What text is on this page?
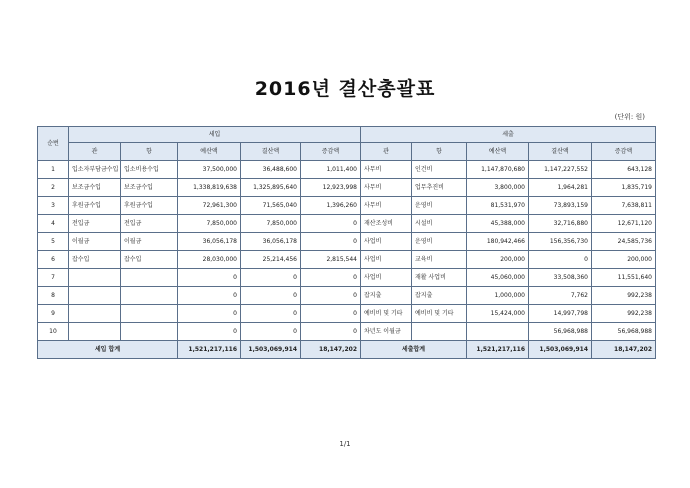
2016년 결산총괄표
(단위: 원)
순번	세입					세출				
	관	항	예산액	결산액	증감액	관	항	예산액	결산액	증감액
1	입소자부담금수입	입소비용수입	37,500,000	36,488,600	1,011,400	사무비	인건비	1,147,870,680	1,147,227,552	643,128
2	보조금수입	보조금수입	1,338,819,638	1,325,895,640	12,923,998	사무비	업무추진비	3,800,000	1,964,281	1,835,719
3	후원금수입	후원금수입	72,961,300	71,565,040	1,396,260	사무비	운영비	81,531,970	73,893,159	7,638,811
4	전입금	전입금	7,850,000	7,850,000	0	재산조성비	시설비	45,388,000	32,716,880	12,671,120
5	이월금	이월금	36,056,178	36,056,178	0	사업비	운영비	180,942,466	156,356,730	24,585,736
6	잡수입	잡수입	28,030,000	25,214,456	2,815,544	사업비	교육비	200,000	0	200,000
7			0	0	0	사업비	재활 사업비	45,060,000	33,508,360	11,551,640
8			0	0	0	잡지출	잡지출	1,000,000	7,762	992,238
9			0	0	0	예비비 및 기타	예비비 및 기타	15,424,000	14,997,798	992,238
10			0	0	0	차년도 이월금			56,968,988	56,968,988
세입 합계			1,521,217,116	1,503,069,914	18,147,202	세출합계		1,521,217,116	1,503,069,914	18,147,202
1/1
